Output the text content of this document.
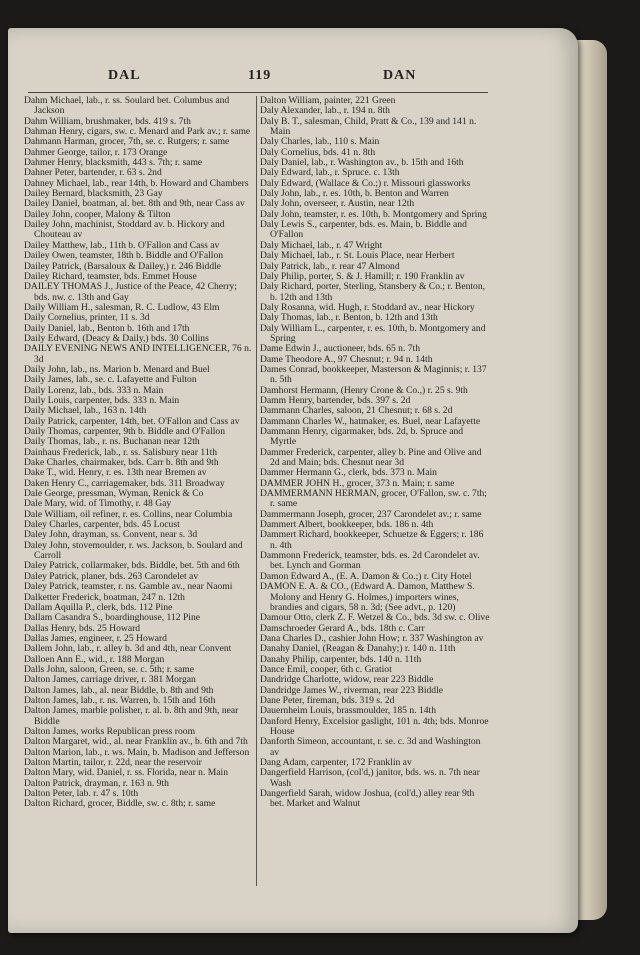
DAL	119	DAN

Dahm Michael, lab., r. ss. Soulard bet. Columbus and Jackson

Dahm William, brushmaker, bds. 419 s. 7th

Dahman Henry, cigars, sw. c. Menard and Park av.; r. same

Dahmann Harman, grocer, 7th, se. c. Rutgers; r. same

Dahmer George, tailor, r. 173 Orange

Dahmer Henry, blacksmith, 443 s. 7th; r. same

Dahner Peter, bartender, r. 63 s. 2nd

Dahney Michael, lab., rear 14th, b. Howard and Chambers

Dailey Bernard, blacksmith, 23 Gay

Dailey Daniel, boatman, al. bet. 8th and 9th, near Cass av

Dailey John, cooper, Malony & Tilton

Dailey John, machinist, Stoddard av. b. Hickory and Chouteau av

Dailey Matthew, lab., 11th b. O'Fallon and Cass av

Dailey Owen, teamster, 18th b. Biddle and O'Fallon

Dailey Patrick, (Barsaloux & Dailey,) r. 246 Biddle

Dailey Richard, teamster, bds. Emmet House

DAILEY THOMAS J., Justice of the Peace, 42 Cherry; bds. nw. c. 13th and Gay

Daily William H., salesman, R. C. Ludlow, 43 Elm

Daily Cornelius, printer, 11 s. 3d

Daily Daniel, lab., Benton b. 16th and 17th

Daily Edward, (Deacy & Daily,) bds. 30 Collins

DAILY EVENING NEWS AND INTELLIGENCER, 76 n. 3d

Daily John, lab., ns. Marion b. Menard and Buel

Daily James, lab., se. c. Lafayette and Fulton

Daily Lorenz, lab., bds. 333 n. Main

Daily Louis, carpenter, bds. 333 n. Main

Daily Michael, lab., 163 n. 14th

Daily Patrick, carpenter, 14th, bet. O'Fallon and Cass av

Daily Thomas, carpenter, 9th b. Biddle and O'Fallon

Daily Thomas, lab., r. ns. Buchanan near 12th

Dainhaus Frederick, lab., r. ss. Salisbury near 11th

Dake Charles, chairmaker, bds. Carr b. 8th and 9th

Dake T., wid. Henry, r. es. 13th near Bremen av

Daken Henry C., carriagemaker, bds. 311 Broadway

Dale George, pressman, Wyman, Renick & Co

Dale Mary, wid. of Timothy, r. 48 Gay

Dale William, oil refiner, r. es. Collins, near Columbia

Daley Charles, carpenter, bds. 45 Locust

Daley John, drayman, ss. Convent, near s. 3d

Daley John, stovemoulder, r. ws. Jackson, b. Soulard and Carroll

Daley Patrick, collarmaker, bds. Biddle, bet. 5th and 6th

Daley Patrick, planer, bds. 263 Carondelet av

Daley Patrick, teamster, r. ns. Gamble av., near Naomi

Dalketter Frederick, boatman, 247 n. 12th

Dallam Aquilla P., clerk, bds. 112 Pine

Dallam Casandra S., boardinghouse, 112 Pine

Dallas Henry, bds. 25 Howard

Dallas James, engineer, r. 25 Howard

Dallem John, lab., r. alley b. 3d and 4th, near Convent

Dalloen Ann E., wid., r. 188 Morgan

Dalls John, saloon, Green, se. c. 5th; r. same

Dalton James, carriage driver, r. 381 Morgan

Dalton James, lab., al. near Biddle, b. 8th and 9th

Dalton James, lab., r. ns. Warren, b. 15th and 16th

Dalton James, marble polisher, r. al. b. 8th and 9th, near Biddle

Dalton James, works Republican press room

Dalton Margaret, wid., al. near Franklin av., b. 6th and 7th

Dalton Marion, lab., r. ws. Main, b. Madison and Jefferson

Dalton Martin, tailor, r. 22d, near the reservoir

Dalton Mary, wid. Daniel, r. ss. Florida, near n. Main

Dalton Patrick, drayman, r. 163 n. 9th

Dalton Peter, lab. r. 47 s. 10th

Dalton Richard, grocer, Biddle, sw. c. 8th; r. same

Dalton William, painter, 221 Green

Daly Alexander, lab., r. 194 n. 8th

Daly B. T., salesman, Child, Pratt & Co., 139 and 141 n. Main

Daly Charles, lab., 110 s. Main

Daly Cornelius, bds. 41 n. 8th

Daly Daniel, lab., r. Washington av., b. 15th and 16th

Daly Edward, lab., r. Spruce. c. 13th

Daly Edward, (Wallace & Co.;) r. Missouri glassworks

Daly John, lab., r. es. 10th, b. Benton and Warren

Daly John, overseer, r. Austin, near 12th

Daly John, teamster, r. es. 10th, b. Montgomery and Spring

Daly Lewis S., carpenter, bds. es. Main, b. Biddle and O'Fallon

Daly Michael, lab., r. 47 Wright

Daly Michael, lab., r. St. Louis Place, near Herbert

Daly Patrick, lab., r. rear 47 Almond

Daly Philip, porter, S. & J. Hamill; r. 190 Franklin av

Daly Richard, porter, Sterling, Stansbery & Co.; r. Benton, b. 12th and 13th

Daly Rosanna, wid. Hugh, r. Stoddard av., near Hickory

Daly Thomas, lab., r. Benton, b. 12th and 13th

Daly William L., carpenter, r. es. 10th, b. Montgomery and Spring

Dame Edwin J., auctioneer, bds. 65 n. 7th

Dame Theodore A., 97 Chesnut; r. 94 n. 14th

Dames Conrad, bookkeeper, Masterson & Maginnis; r. 137 n. 5th

Damhorst Hermann, (Henry Crone & Co.,) r. 25 s. 9th

Damm Henry, bartender, bds. 397 s. 2d

Dammann Charles, saloon, 21 Chesnut; r. 68 s. 2d

Dammann Charles W., hatmaker, es. Buel, near Lafayette

Dammann Henry, cigarmaker, bds. 2d, b. Spruce and Myrtle

Dammer Frederick, carpenter, alley b. Pine and Olive and 2d and Main; bds. Chesnut near 3d

Dammer Hermann G., clerk, bds. 373 n. Main

DAMMER JOHN H., grocer, 373 n. Main; r. same

DAMMERMANN HERMAN, grocer, O'Fallon, sw. c. 7th; r. same

Dammermann Joseph, grocer, 237 Carondelet av.; r. same

Dammert Albert, bookkeeper, bds. 186 n. 4th

Dammert Richard, bookkeeper, Schuetze & Eggers; r. 186 n. 4th

Dammonn Frederick, teamster, bds. es. 2d Carondelet av. bet. Lynch and Gorman

Damon Edward A., (E. A. Damon & Co.;) r. City Hotel

DAMON E. A. & CO., (Edward A. Damon, Matthew S. Molony and Henry G. Holmes,) importers wines, brandies and cigars, 58 n. 3d; (See advt., p. 120)

Damour Otto, clerk Z. F. Wetzel & Co., bds. 3d sw. c. Olive

Damschroeder Gerard A., bds. 18th c. Carr

Dana Charles D., cashier John How; r. 337 Washington av

Danahy Daniel, (Reagan & Danahy;) r. 140 n. 11th

Danahy Philip, carpenter, bds. 140 n. 11th

Dance Emil, cooper, 6th c. Gratiot

Dandridge Charlotte, widow, rear 223 Biddle

Dandridge James W., riverman, rear 223 Biddle

Dane Peter, fireman, bds. 319 s. 2d

Dauernheim Louis, brassmoulder, 185 n. 14th

Danford Henry, Excelsior gaslight, 101 n. 4th; bds. Monroe House

Danforth Simeon, accountant, r. se. c. 3d and Washington av

Dang Adam, carpenter, 172 Franklin av

Dangerfield Harrison, (col'd,) janitor, bds. ws. n. 7th near Wash

Dangerfield Sarah, widow Joshua, (col'd,) alley rear 9th bet. Market and Walnut
